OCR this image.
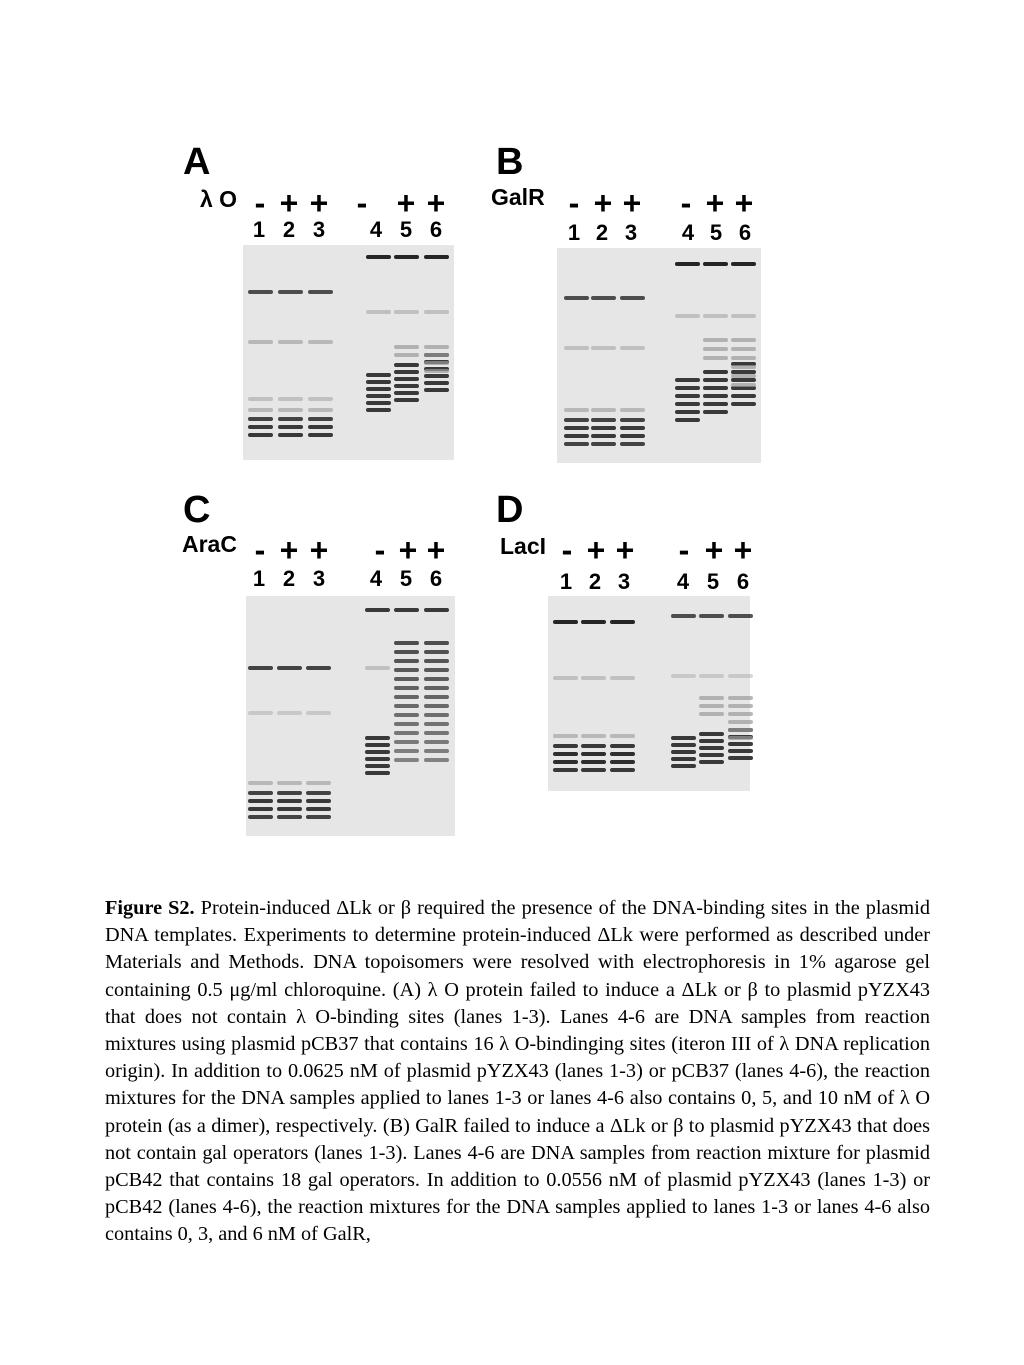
A
λ O - + + - + +
1 2 3 4 5 6
B
GalR - + + - + +
1 2 3 4 5 6
C
AraC - + + - + +
1 2 3 4 5 6
D
LacI - + + - + +
1 2 3 4 5 6
Figure S2. Protein-induced ΔLk or β required the presence of the DNA-binding sites in the plasmid DNA templates. Experiments to determine protein-induced ΔLk were performed as described under Materials and Methods. DNA topoisomers were resolved with electrophoresis in 1% agarose gel containing 0.5 μg/ml chloroquine. (A) λ O protein failed to induce a ΔLk or β to plasmid pYZX43 that does not contain λ O-binding sites (lanes 1-3). Lanes 4-6 are DNA samples from reaction mixtures using plasmid pCB37 that contains 16 λ O-bindinging sites (iteron III of λ DNA replication origin). In addition to 0.0625 nM of plasmid pYZX43 (lanes 1-3) or pCB37 (lanes 4-6), the reaction mixtures for the DNA samples applied to lanes 1-3 or lanes 4-6 also contains 0, 5, and 10 nM of λ O protein (as a dimer), respectively. (B) GalR failed to induce a ΔLk or β to plasmid pYZX43 that does not contain gal operators (lanes 1-3). Lanes 4-6 are DNA samples from reaction mixture for plasmid pCB42 that contains 18 gal operators. In addition to 0.0556 nM of plasmid pYZX43 (lanes 1-3) or pCB42 (lanes 4-6), the reaction mixtures for the DNA samples applied to lanes 1-3 or lanes 4-6 also contains 0, 3, and 6 nM of GalR,
